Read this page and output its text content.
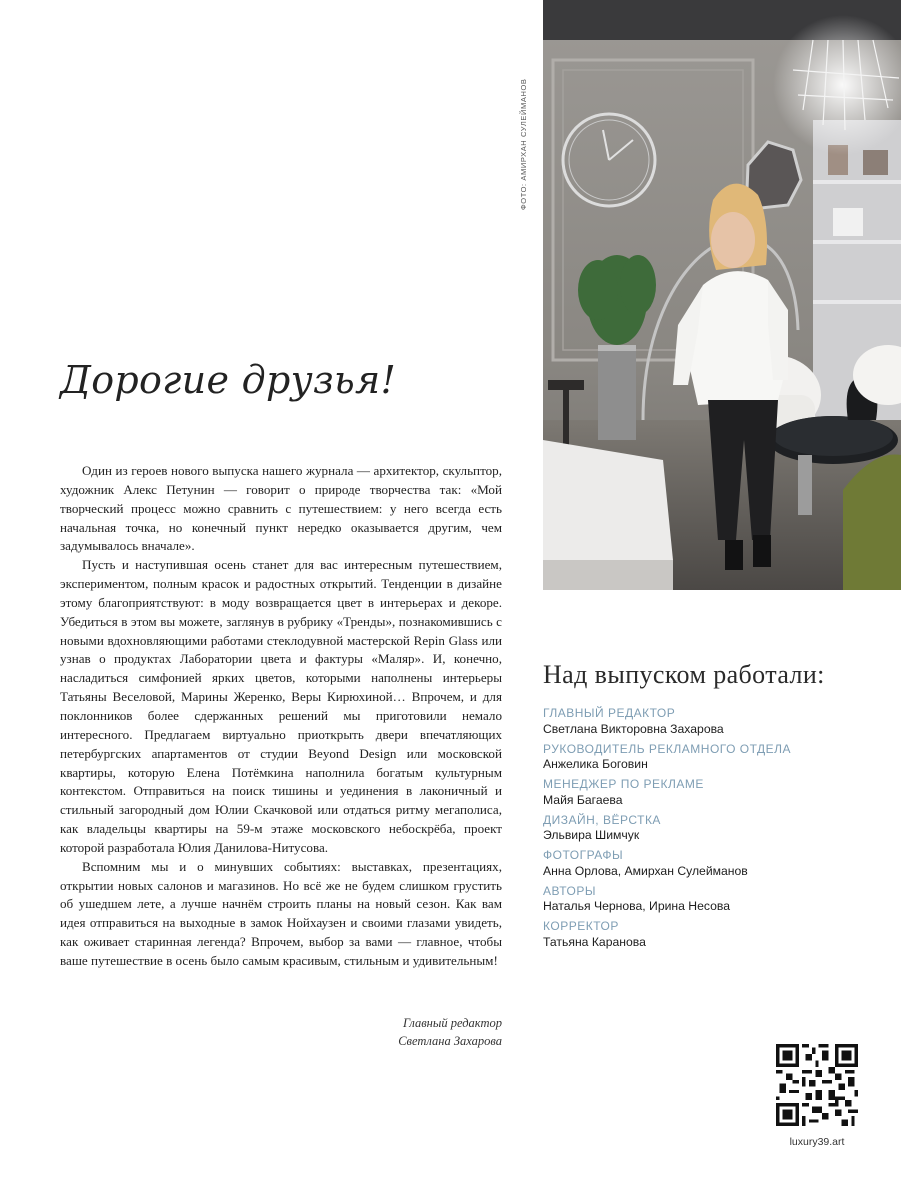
ФОТО: АМИРХАН СУЛЕЙМАНОВ
Дорогие друзья!

Один из героев нового выпуска нашего журнала — архитектор, скульптор, художник Алекс Петунин — говорит о природе творчества так: «Мой творческий процесс можно сравнить с путешествием: у него всегда есть начальная точка, но конечный пункт нередко оказывается другим, чем задумывалось вначале».

Пусть и наступившая осень станет для вас интересным путешествием, экспериментом, полным красок и радостных открытий. Тенденции в дизайне этому благоприятствуют: в моду возвращается цвет в интерьерах и декоре. Убедиться в этом вы можете, заглянув в рубрику «Тренды», познакомившись с новыми вдохновляющими работами стеклодувной мастерской Repin Glass или узнав о продуктах Лаборатории цвета и фактуры «Маляр». И, конечно, насладиться симфонией ярких цветов, которыми наполнены интерьеры Татьяны Веселовой, Марины Жеренко, Веры Кирюхиной… Впрочем, и для поклонников более сдержанных решений мы приготовили немало интересного. Предлагаем виртуально приоткрыть двери впечатляющих петербургских апартаментов от студии Beyond Design или московской квартиры, которую Елена Потёмкина наполнила богатым культурным контекстом. Отправиться на поиск тишины и уединения в лаконичный и стильный загородный дом Юлии Скачковой или отдаться ритму мегаполиса, как владельцы квартиры на 59-м этаже московского небоскрёба, проект которой разработала Юлия Данилова-Нитусова.

Вспомним мы и о минувших событиях: выставках, презентациях, открытии новых салонов и магазинов. Но всё же не будем слишком грустить об ушедшем лете, а лучше начнём строить планы на новый сезон. Как вам идея отправиться на выходные в замок Нойхаузен и своими глазами увидеть, как оживает старинная легенда? Впрочем, выбор за вами — главное, чтобы ваше путешествие в осень было самым красивым, стильным и удивительным!

Главный редактор
Светлана Захарова
Над выпуском работали:
ГЛАВНЫЙ РЕДАКТОР
Светлана Викторовна Захарова
РУКОВОДИТЕЛЬ РЕКЛАМНОГО ОТДЕЛА
Анжелика Боговин
МЕНЕДЖЕР ПО РЕКЛАМЕ
Майя Багаева
ДИЗАЙН, ВЁРСТКА
Эльвира Шимчук
ФОТОГРАФЫ
Анна Орлова, Амирхан Сулейманов
АВТОРЫ
Наталья Чернова, Ирина Несова
КОРРЕКТОР
Татьяна Каранова
luxury39.art
